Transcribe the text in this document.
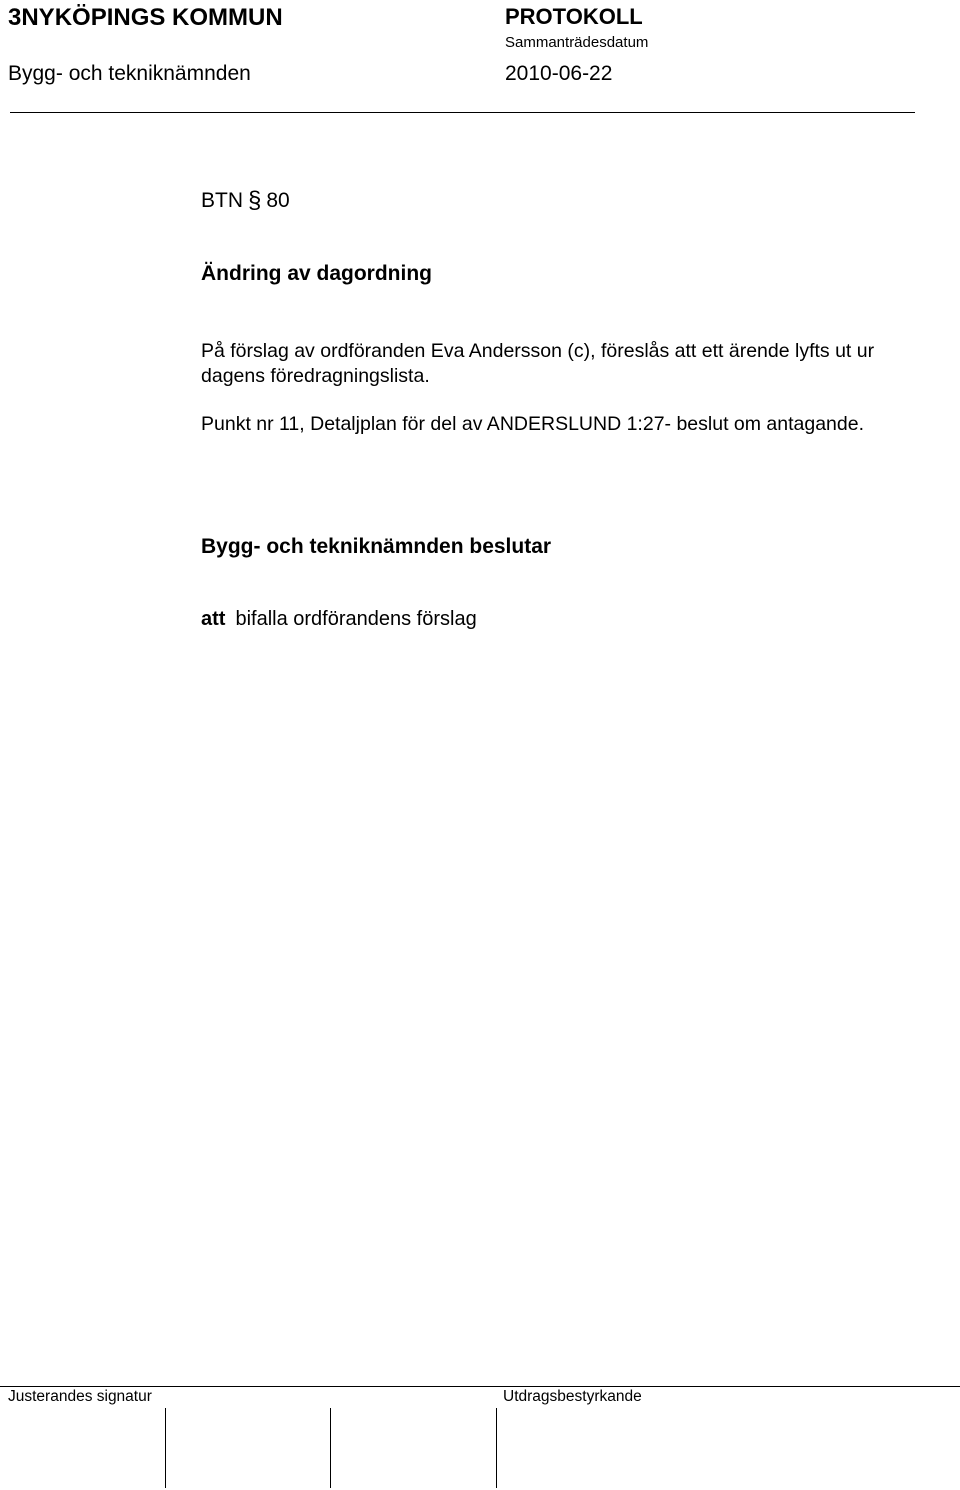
3NYKÖPINGS KOMMUN
Bygg- och tekniknämnden
PROTOKOLL
Sammanträdesdatum
2010-06-22
BTN § 80
Ändring av dagordning
På förslag av ordföranden Eva Andersson (c), föreslås att ett ärende lyfts ut ur dagens föredragningslista.
Punkt nr 11, Detaljplan för del av ANDERSLUND 1:27- beslut om antagande.
Bygg- och tekniknämnden beslutar
att bifalla ordförandens förslag
Justerandes signatur	Utdragsbestyrkande
